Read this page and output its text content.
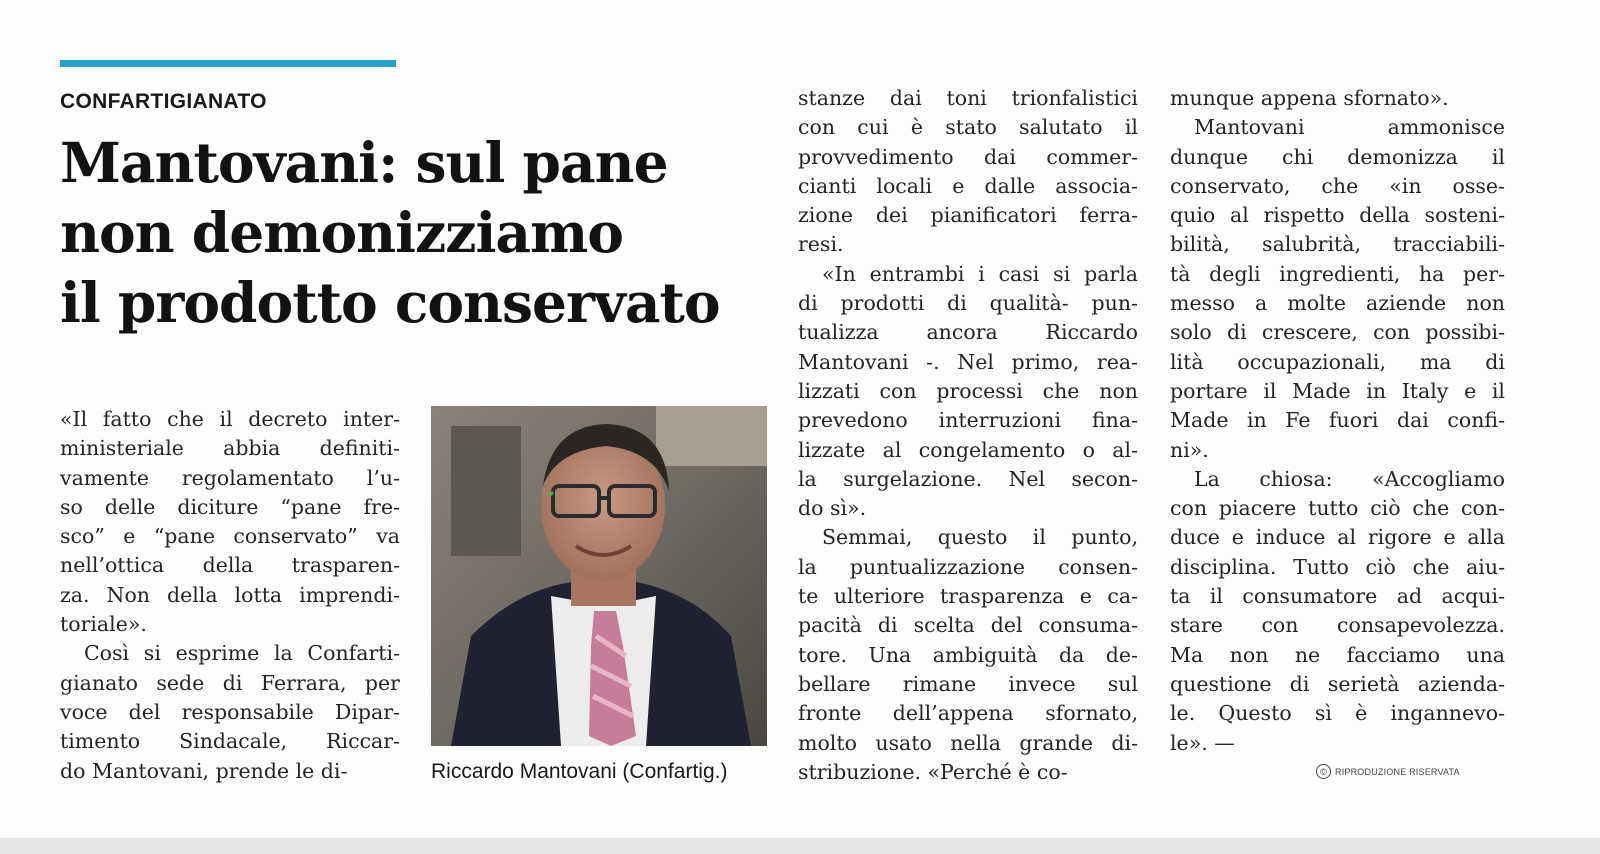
CONFARTIGIANATO
Mantovani: sul pane
non demonizziamo
il prodotto conservato
«Il fatto che il decreto inter-
ministeriale abbia definiti-
vamente regolamentato l’u-
so delle diciture “pane fre-
sco” e “pane conservato” va
nell’ottica della trasparen-
za. Non della lotta imprendi-
toriale».
Così si esprime la Confarti-
gianato sede di Ferrara, per
voce del responsabile Dipar-
timento Sindacale, Riccar-
do Mantovani, prende le di-
stanze dai toni trionfalistici
con cui è stato salutato il
provvedimento dai commer-
cianti locali e dalle associa-
zione dei pianificatori ferra-
resi.
«In entrambi i casi si parla
di prodotti di qualità- pun-
tualizza ancora Riccardo
Mantovani -. Nel primo, rea-
lizzati con processi che non
prevedono interruzioni fina-
lizzate al congelamento o al-
la surgelazione. Nel secon-
do sì».
Semmai, questo il punto,
la puntualizzazione consen-
te ulteriore trasparenza e ca-
pacità di scelta del consuma-
tore. Una ambiguità da de-
bellare rimane invece sul
fronte dell’appena sfornato,
molto usato nella grande di-
stribuzione. «Perché è co-
munque appena sfornato».
Mantovani ammonisce
dunque chi demonizza il
conservato, che «in osse-
quio al rispetto della sosteni-
bilità, salubrità, tracciabili-
tà degli ingredienti, ha per-
messo a molte aziende non
solo di crescere, con possibi-
lità occupazionali, ma di
portare il Made in Italy e il
Made in Fe fuori dai confi-
ni».
La chiosa: «Accogliamo
con piacere tutto ciò che con-
duce e induce al rigore e alla
disciplina. Tutto ciò che aiu-
ta il consumatore ad acqui-
stare con consapevolezza.
Ma non ne facciamo una
questione di serietà azienda-
le. Questo sì è ingannevo-
le». —
Riccardo Mantovani (Confartig.)	© RIPRODUZIONE RISERVATA
